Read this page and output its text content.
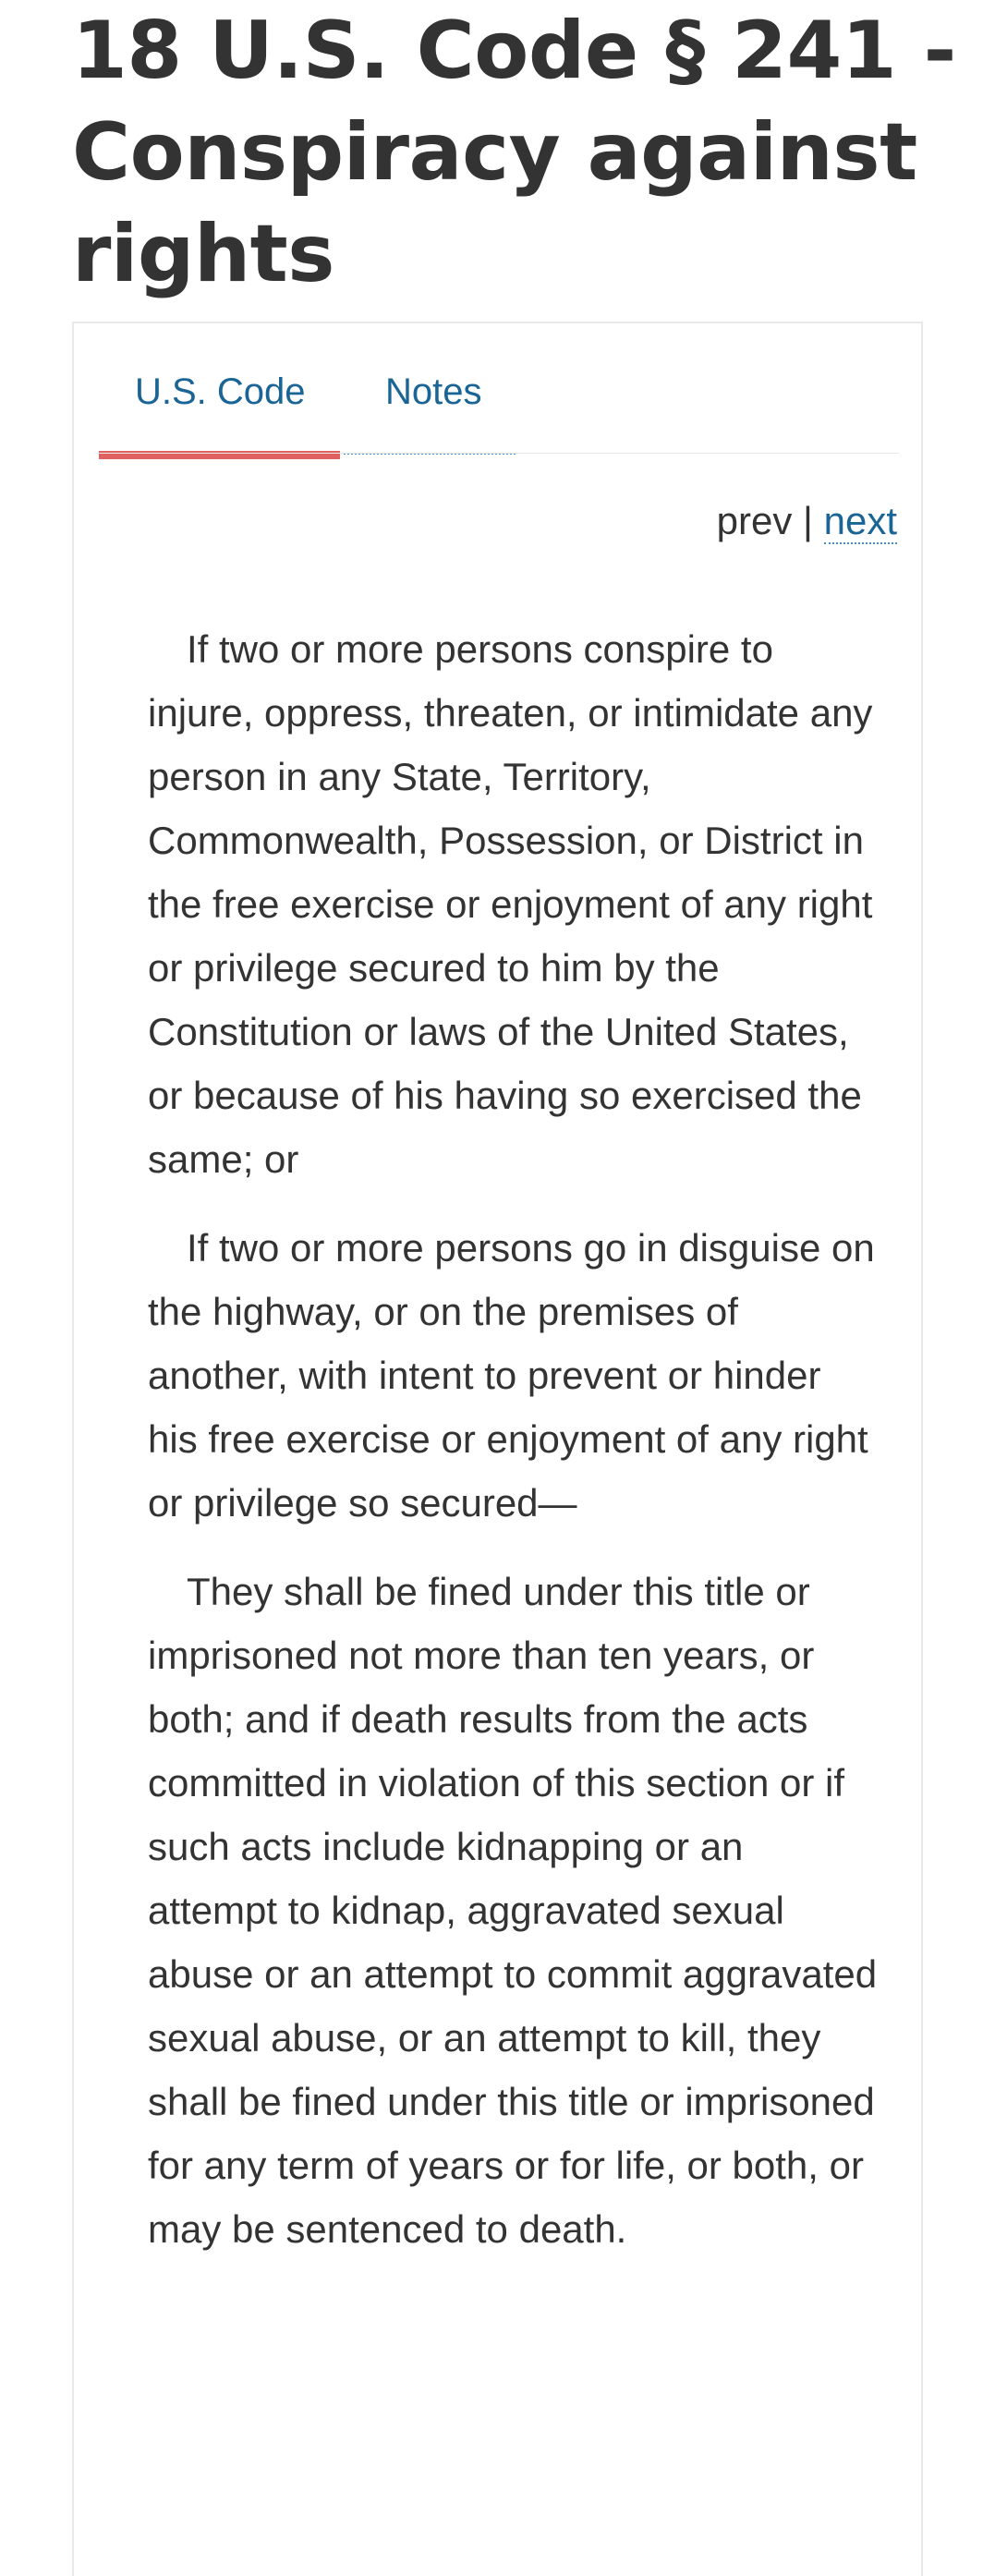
18 U.S. Code § 241 - Conspiracy against rights
U.S. Code Notes
prev | next

If two or more persons conspire to injure, oppress, threaten, or intimidate any person in any State, Territory, Commonwealth, Possession, or District in the free exercise or enjoyment of any right or privilege secured to him by the Constitution or laws of the United States, or because of his having so exercised the same; or

If two or more persons go in disguise on the highway, or on the premises of another, with intent to prevent or hinder his free exercise or enjoyment of any right or privilege so secured—

They shall be fined under this title or imprisoned not more than ten years, or both; and if death results from the acts committed in violation of this section or if such acts include kidnapping or an attempt to kidnap, aggravated sexual abuse or an attempt to commit aggravated sexual abuse, or an attempt to kill, they shall be fined under this title or imprisoned for any term of years or for life, or both, or may be sentenced to death.
